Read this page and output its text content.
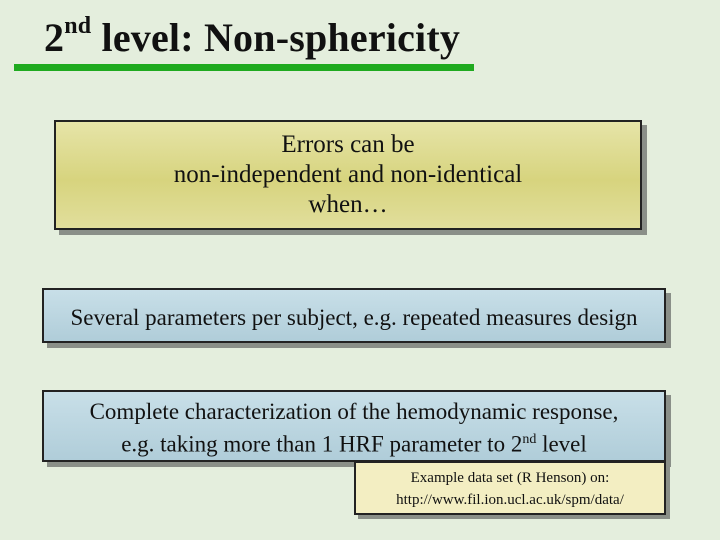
2nd level: Non-sphericity
Errors can be
non-independent and non-identical
when…
Several parameters per subject, e.g. repeated measures design
Complete characterization of the hemodynamic response,
e.g. taking more than 1 HRF parameter to 2nd level
Example data set (R Henson) on:
http://www.fil.ion.ucl.ac.uk/spm/data/
